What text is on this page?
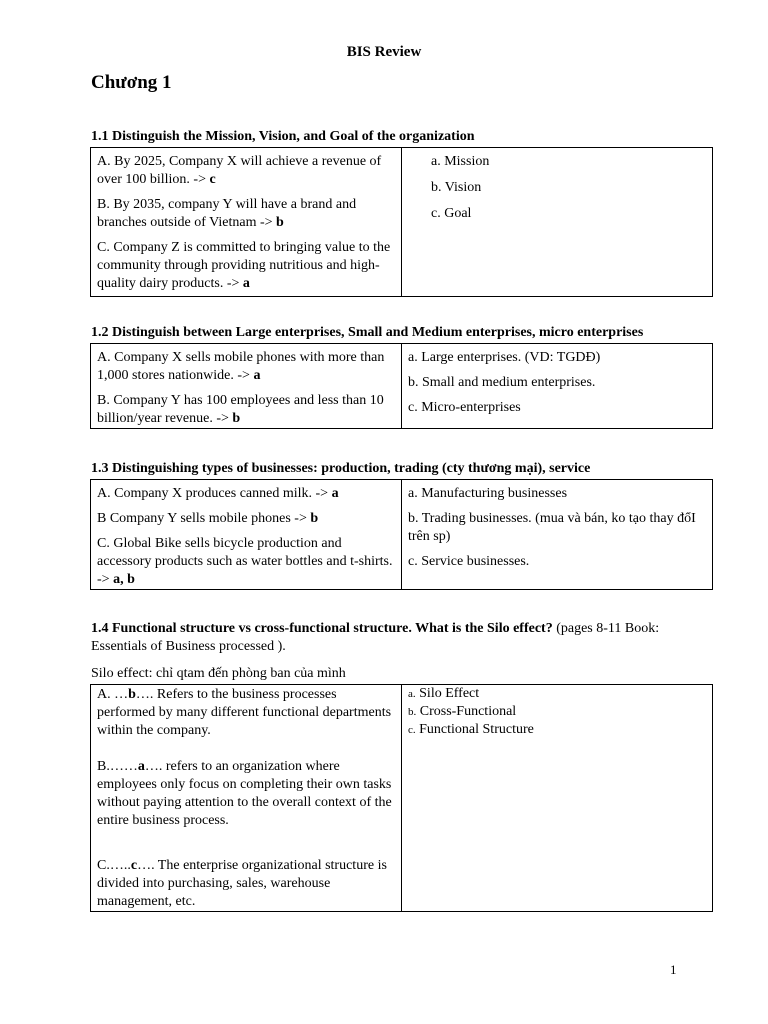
BIS Review
Chương 1
1.1 Distinguish the Mission, Vision, and Goal of the organization
A. By 2025, Company X will achieve a revenue of over 100 billion. -> c
B. By 2035, company Y will have a brand and branches outside of Vietnam -> b
C. Company Z is committed to bringing value to the community through providing nutritious and high-quality dairy products. -> a

a. Mission
b. Vision
c. Goal
1.2 Distinguish between Large enterprises, Small and Medium enterprises, micro enterprises
A. Company X sells mobile phones with more than 1,000 stores nationwide. -> a
B. Company Y has 100 employees and less than 10 billion/year revenue. -> b

a. Large enterprises. (VD: TGDĐ)
b. Small and medium enterprises.
c. Micro-enterprises
1.3 Distinguishing types of businesses: production, trading (cty thương mại), service
A. Company X produces canned milk. -> a
B Company Y sells mobile phones -> b
C. Global Bike sells bicycle production and accessory products such as water bottles and t-shirts. -> a, b

a. Manufacturing businesses
b. Trading businesses. (mua và bán, ko tạo thay đổI trên sp)
c. Service businesses.
1.4 Functional structure vs cross-functional structure. What is the Silo effect? (pages 8-11 Book: Essentials of Business processed ).
Silo effect: chỉ qtam đến phòng ban của mình
A. …b…. Refers to the business processes performed by many different functional departments within the company.
B.……a…. refers to an organization where employees only focus on completing their own tasks without paying attention to the overall context of the entire business process.
C.…..c…. The enterprise organizational structure is divided into purchasing, sales, warehouse management, etc.

a. Silo Effect
b. Cross-Functional
c. Functional Structure
1
